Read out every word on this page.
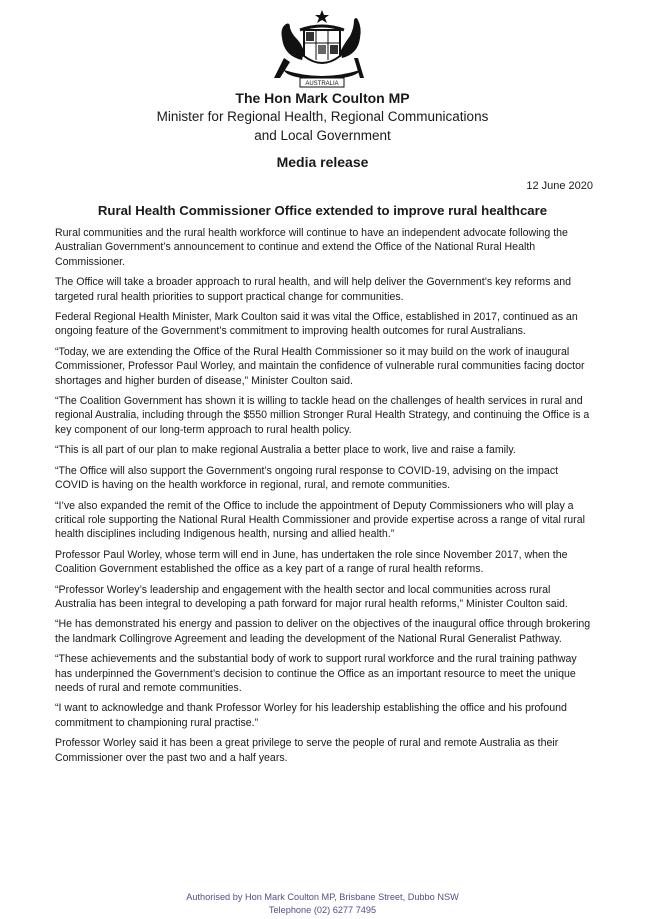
AUSTRALIA
The Hon Mark Coulton MP
Minister for Regional Health, Regional Communications
and Local Government
Media release
12 June 2020
Rural Health Commissioner Office extended to improve rural healthcare

Rural communities and the rural health workforce will continue to have an independent advocate following the Australian Government’s announcement to continue and extend the Office of the National Rural Health Commissioner.

The Office will take a broader approach to rural health, and will help deliver the Government’s key reforms and targeted rural health priorities to support practical change for communities.

Federal Regional Health Minister, Mark Coulton said it was vital the Office, established in 2017, continued as an ongoing feature of the Government’s commitment to improving health outcomes for rural Australians.

“Today, we are extending the Office of the Rural Health Commissioner so it may build on the work of inaugural Commissioner, Professor Paul Worley, and maintain the confidence of vulnerable rural communities facing doctor shortages and higher burden of disease,” Minister Coulton said.

“The Coalition Government has shown it is willing to tackle head on the challenges of health services in rural and regional Australia, including through the $550 million Stronger Rural Health Strategy, and continuing the Office is a key component of our long-term approach to rural health policy.

“This is all part of our plan to make regional Australia a better place to work, live and raise a family.

“The Office will also support the Government’s ongoing rural response to COVID-19, advising on the impact COVID is having on the health workforce in regional, rural, and remote communities.

“I’ve also expanded the remit of the Office to include the appointment of Deputy Commissioners who will play a critical role supporting the National Rural Health Commissioner and provide expertise across a range of vital rural health disciplines including Indigenous health, nursing and allied health.”

Professor Paul Worley, whose term will end in June, has undertaken the role since November 2017, when the Coalition Government established the office as a key part of a range of rural health reforms.

“Professor Worley’s leadership and engagement with the health sector and local communities across rural Australia has been integral to developing a path forward for major rural health reforms,” Minister Coulton said.

“He has demonstrated his energy and passion to deliver on the objectives of the inaugural office through brokering the landmark Collingrove Agreement and leading the development of the National Rural Generalist Pathway.

“These achievements and the substantial body of work to support rural workforce and the rural training pathway has underpinned the Government’s decision to continue the Office as an important resource to meet the unique needs of rural and remote communities.

“I want to acknowledge and thank Professor Worley for his leadership establishing the office and his profound commitment to championing rural practise.”

Professor Worley said it has been a great privilege to serve the people of rural and remote Australia as their Commissioner over the past two and a half years.

Authorised by Hon Mark Coulton MP, Brisbane Street, Dubbo NSW
Telephone (02) 6277 7495
